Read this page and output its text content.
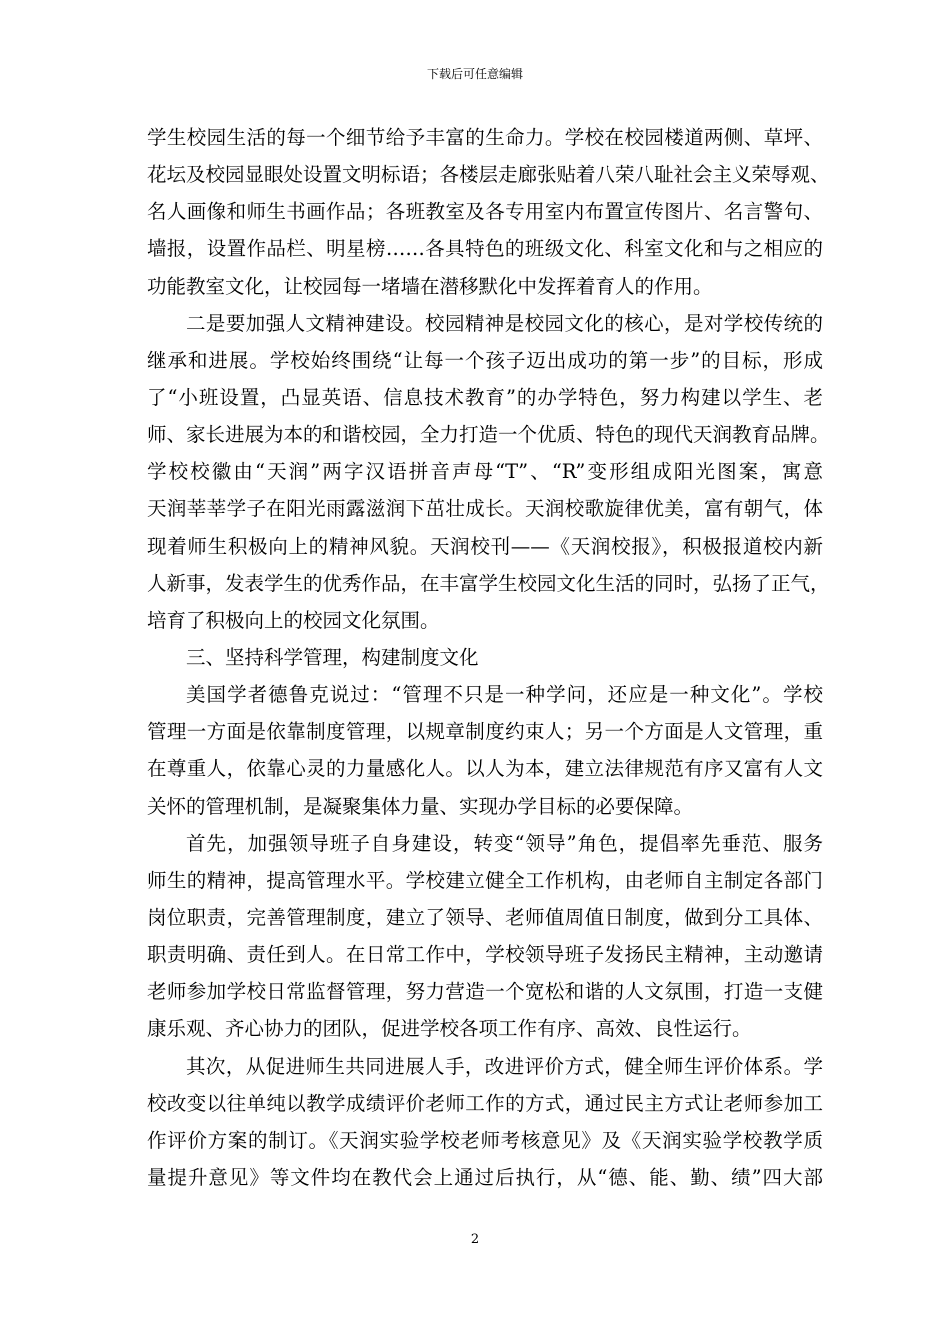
下载后可任意编辑
学生校园生活的每一个细节给予丰富的生命力。学校在校园楼道两侧、草坪、
花坛及校园显眼处设置文明标语；各楼层走廊张贴着八荣八耻社会主义荣辱观、
名人画像和师生书画作品；各班教室及各专用室内布置宣传图片、名言警句、
墙报，设置作品栏、明星榜……各具特色的班级文化、科室文化和与之相应的
功能教室文化，让校园每一堵墙在潜移默化中发挥着育人的作用。
二是要加强人文精神建设。校园精神是校园文化的核心，是对学校传统的
继承和进展。学校始终围绕“让每一个孩子迈出成功的第一步”的目标，形成
了“小班设置，凸显英语、信息技术教育”的办学特色，努力构建以学生、老
师、家长进展为本的和谐校园，全力打造一个优质、特色的现代天润教育品牌。
学校校徽由“天润”两字汉语拼音声母“T”、“R”变形组成阳光图案，寓意
天润莘莘学子在阳光雨露滋润下茁壮成长。天润校歌旋律优美，富有朝气，体
现着师生积极向上的精神风貌。天润校刊——《天润校报》，积极报道校内新
人新事，发表学生的优秀作品，在丰富学生校园文化生活的同时，弘扬了正气，
培育了积极向上的校园文化氛围。
三、坚持科学管理，构建制度文化
美国学者德鲁克说过：“管理不只是一种学问，还应是一种文化”。学校
管理一方面是依靠制度管理，以规章制度约束人；另一个方面是人文管理，重
在尊重人，依靠心灵的力量感化人。以人为本，建立法律规范有序又富有人文
关怀的管理机制，是凝聚集体力量、实现办学目标的必要保障。
首先，加强领导班子自身建设，转变“领导”角色，提倡率先垂范、服务
师生的精神，提高管理水平。学校建立健全工作机构，由老师自主制定各部门
岗位职责，完善管理制度，建立了领导、老师值周值日制度，做到分工具体、
职责明确、责任到人。在日常工作中，学校领导班子发扬民主精神，主动邀请
老师参加学校日常监督管理，努力营造一个宽松和谐的人文氛围，打造一支健
康乐观、齐心协力的团队，促进学校各项工作有序、高效、良性运行。
其次，从促进师生共同进展人手，改进评价方式，健全师生评价体系。学
校改变以往单纯以教学成绩评价老师工作的方式，通过民主方式让老师参加工
作评价方案的制订。《天润实验学校老师考核意见》及《天润实验学校教学质
量提升意见》等文件均在教代会上通过后执行，从“德、能、勤、绩”四大部
2
